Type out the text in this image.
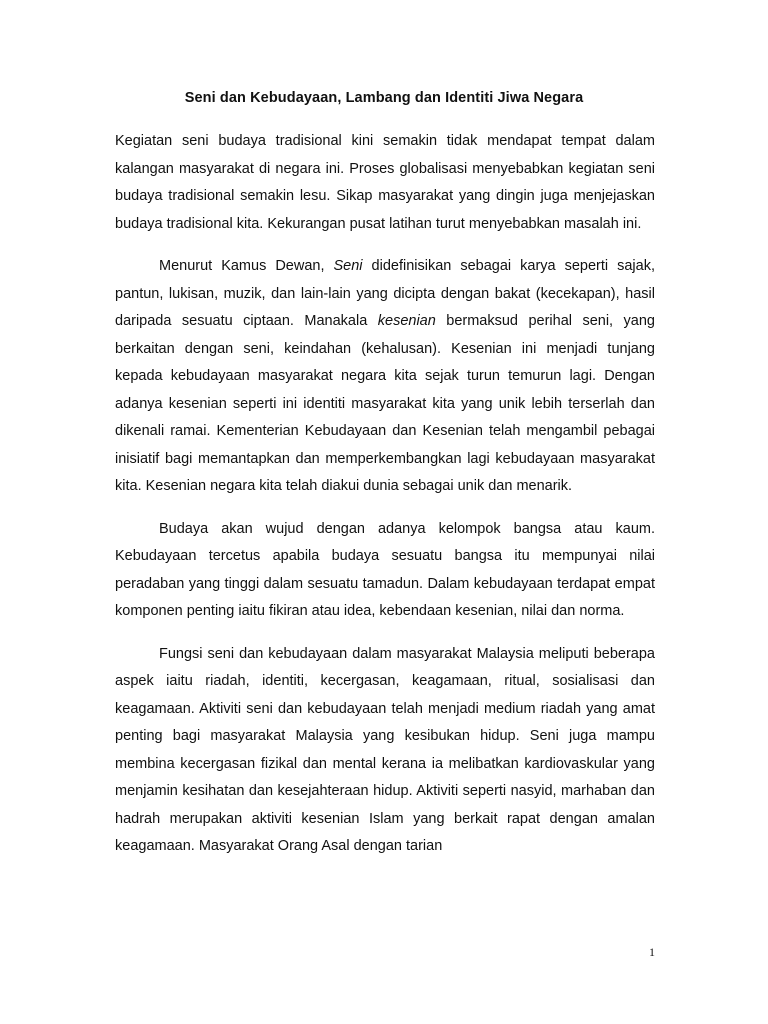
Seni dan Kebudayaan, Lambang dan Identiti Jiwa Negara

Kegiatan seni budaya tradisional kini semakin tidak mendapat tempat dalam kalangan masyarakat di negara ini. Proses globalisasi menyebabkan kegiatan seni budaya tradisional semakin lesu. Sikap masyarakat yang dingin juga menjejaskan budaya tradisional kita. Kekurangan pusat latihan turut menyebabkan masalah ini.

Menurut Kamus Dewan, Seni didefinisikan sebagai karya seperti sajak, pantun, lukisan, muzik, dan lain-lain yang dicipta dengan bakat (kecekapan), hasil daripada sesuatu ciptaan. Manakala kesenian bermaksud perihal seni, yang berkaitan dengan seni, keindahan (kehalusan). Kesenian ini menjadi tunjang kepada kebudayaan masyarakat negara kita sejak turun temurun lagi. Dengan adanya kesenian seperti ini identiti masyarakat kita yang unik lebih terserlah dan dikenali ramai. Kementerian Kebudayaan dan Kesenian telah mengambil pebagai inisiatif bagi memantapkan dan memperkembangkan lagi kebudayaan masyarakat kita. Kesenian negara kita telah diakui dunia sebagai unik dan menarik.

Budaya akan wujud dengan adanya kelompok bangsa atau kaum. Kebudayaan tercetus apabila budaya sesuatu bangsa itu mempunyai nilai peradaban yang tinggi dalam sesuatu tamadun. Dalam kebudayaan terdapat empat komponen penting iaitu fikiran atau idea, kebendaan kesenian, nilai dan norma.

Fungsi seni dan kebudayaan dalam masyarakat Malaysia meliputi beberapa aspek iaitu riadah, identiti, kecergasan, keagamaan, ritual, sosialisasi dan keagamaan. Aktiviti seni dan kebudayaan telah menjadi medium riadah yang amat penting bagi masyarakat Malaysia yang kesibukan hidup. Seni juga mampu membina kecergasan fizikal dan mental kerana ia melibatkan kardiovaskular yang menjamin kesihatan dan kesejahteraan hidup. Aktiviti seperti nasyid, marhaban dan hadrah merupakan aktiviti kesenian Islam yang berkait rapat dengan amalan keagamaan. Masyarakat Orang Asal dengan tarian

1
